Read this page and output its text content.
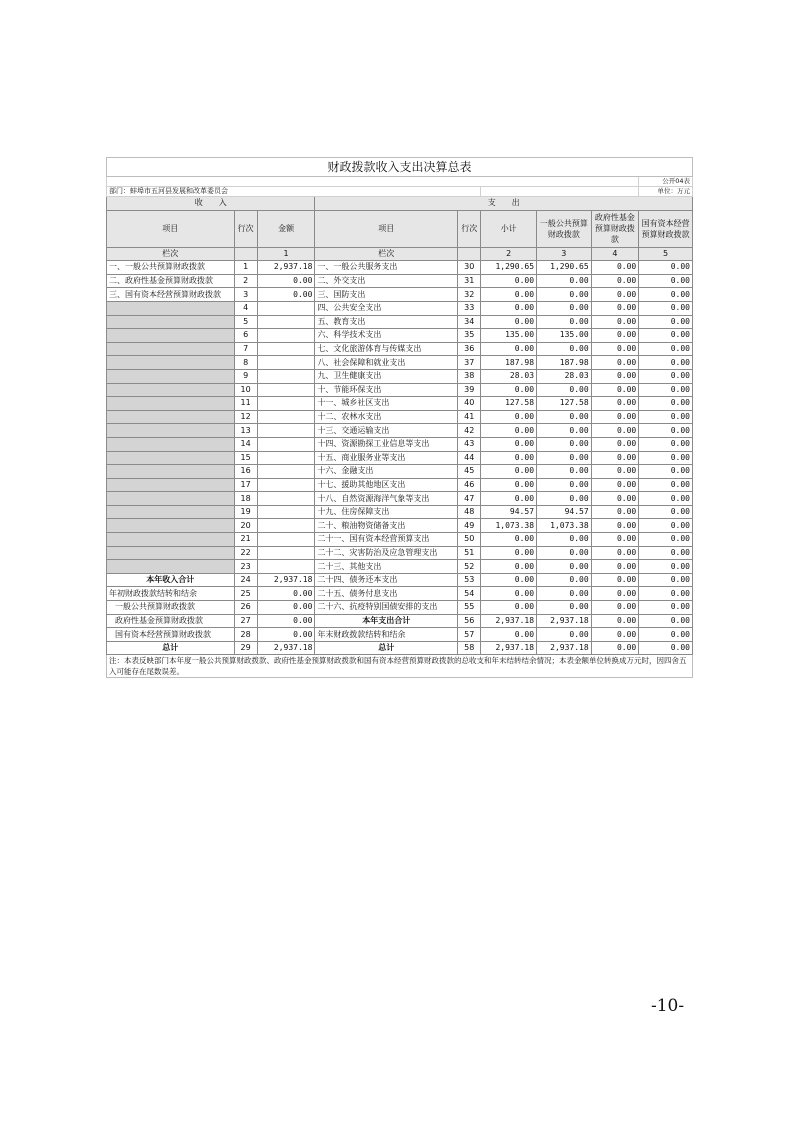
财政拨款收入支出决算总表								
								公开04表
部门：蚌埠市五河县发展和改革委员会								单位：万元
收　　入			支　　出					
项目	行次	金额	项目	行次	小计	一般公共预算财政拨款	政府性基金预算财政拨款	国有资本经营预算财政拨款
栏次		1	栏次		2	3	4	5
一、一般公共预算财政拨款	1	2,937.18	一、一般公共服务支出	30	1,290.65	1,290.65	0.00	0.00
二、政府性基金预算财政拨款	2	0.00	二、外交支出	31	0.00	0.00	0.00	0.00
三、国有资本经营预算财政拨款	3	0.00	三、国防支出	32	0.00	0.00	0.00	0.00
	4		四、公共安全支出	33	0.00	0.00	0.00	0.00
	5		五、教育支出	34	0.00	0.00	0.00	0.00
	6		六、科学技术支出	35	135.00	135.00	0.00	0.00
	7		七、文化旅游体育与传媒支出	36	0.00	0.00	0.00	0.00
	8		八、社会保障和就业支出	37	187.98	187.98	0.00	0.00
	9		九、卫生健康支出	38	28.03	28.03	0.00	0.00
	10		十、节能环保支出	39	0.00	0.00	0.00	0.00
	11		十一、城乡社区支出	40	127.58	127.58	0.00	0.00
	12		十二、农林水支出	41	0.00	0.00	0.00	0.00
	13		十三、交通运输支出	42	0.00	0.00	0.00	0.00
	14		十四、资源勘探工业信息等支出	43	0.00	0.00	0.00	0.00
	15		十五、商业服务业等支出	44	0.00	0.00	0.00	0.00
	16		十六、金融支出	45	0.00	0.00	0.00	0.00
	17		十七、援助其他地区支出	46	0.00	0.00	0.00	0.00
	18		十八、自然资源海洋气象等支出	47	0.00	0.00	0.00	0.00
	19		十九、住房保障支出	48	94.57	94.57	0.00	0.00
	20		二十、粮油物资储备支出	49	1,073.38	1,073.38	0.00	0.00
	21		二十一、国有资本经营预算支出	50	0.00	0.00	0.00	0.00
	22		二十二、灾害防治及应急管理支出	51	0.00	0.00	0.00	0.00
	23		二十三、其他支出	52	0.00	0.00	0.00	0.00
本年收入合计	24	2,937.18	二十四、债务还本支出	53	0.00	0.00	0.00	0.00
年初财政拨款结转和结余	25	0.00	二十五、债务付息支出	54	0.00	0.00	0.00	0.00
一般公共预算财政拨款	26	0.00	二十六、抗疫特别国债安排的支出	55	0.00	0.00	0.00	0.00
政府性基金预算财政拨款	27	0.00	本年支出合计	56	2,937.18	2,937.18	0.00	0.00
国有资本经营预算财政拨款	28	0.00	年末财政拨款结转和结余	57	0.00	0.00	0.00	0.00
总计	29	2,937.18	总计	58	2,937.18	2,937.18	0.00	0.00
注：本表反映部门本年度一般公共预算财政拨款、政府性基金预算财政拨款和国有资本经营预算财政拨款的总收支和年末结转结余情况；本表金额单位转换成万元时，因四舍五入可能存在尾数误差。								
-10-
